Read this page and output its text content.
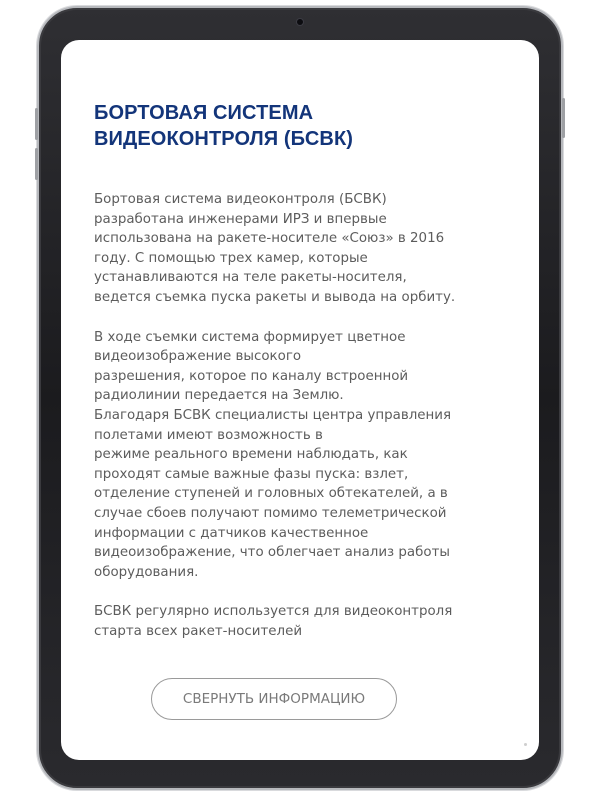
БОРТОВАЯ СИСТЕМА
ВИДЕОКОНТРОЛЯ (БСВК)

Бортовая система видеоконтроля (БСВК)
разработана инженерами ИРЗ и впервые
использована на ракете-носителе «Союз» в 2016
году. С помощью трех камер, которые
устанавливаются на теле ракеты-носителя,
ведется съемка пуска ракеты и вывода на орбиту.

В ходе съемки система формирует цветное
видеоизображение высокого
разрешения, которое по каналу встроенной
радиолинии передается на Землю.
Благодаря БСВК специалисты центра управления
полетами имеют возможность в
режиме реального времени наблюдать, как
проходят самые важные фазы пуска: взлет,
отделение ступеней и головных обтекателей, а в
случае сбоев получают помимо телеметрической
информации с датчиков качественное
видеоизображение, что облегчает анализ работы
оборудования.

БСВК регулярно используется для видеоконтроля
старта всех ракет-носителей

СВЕРНУТЬ ИНФОРМАЦИЮ
